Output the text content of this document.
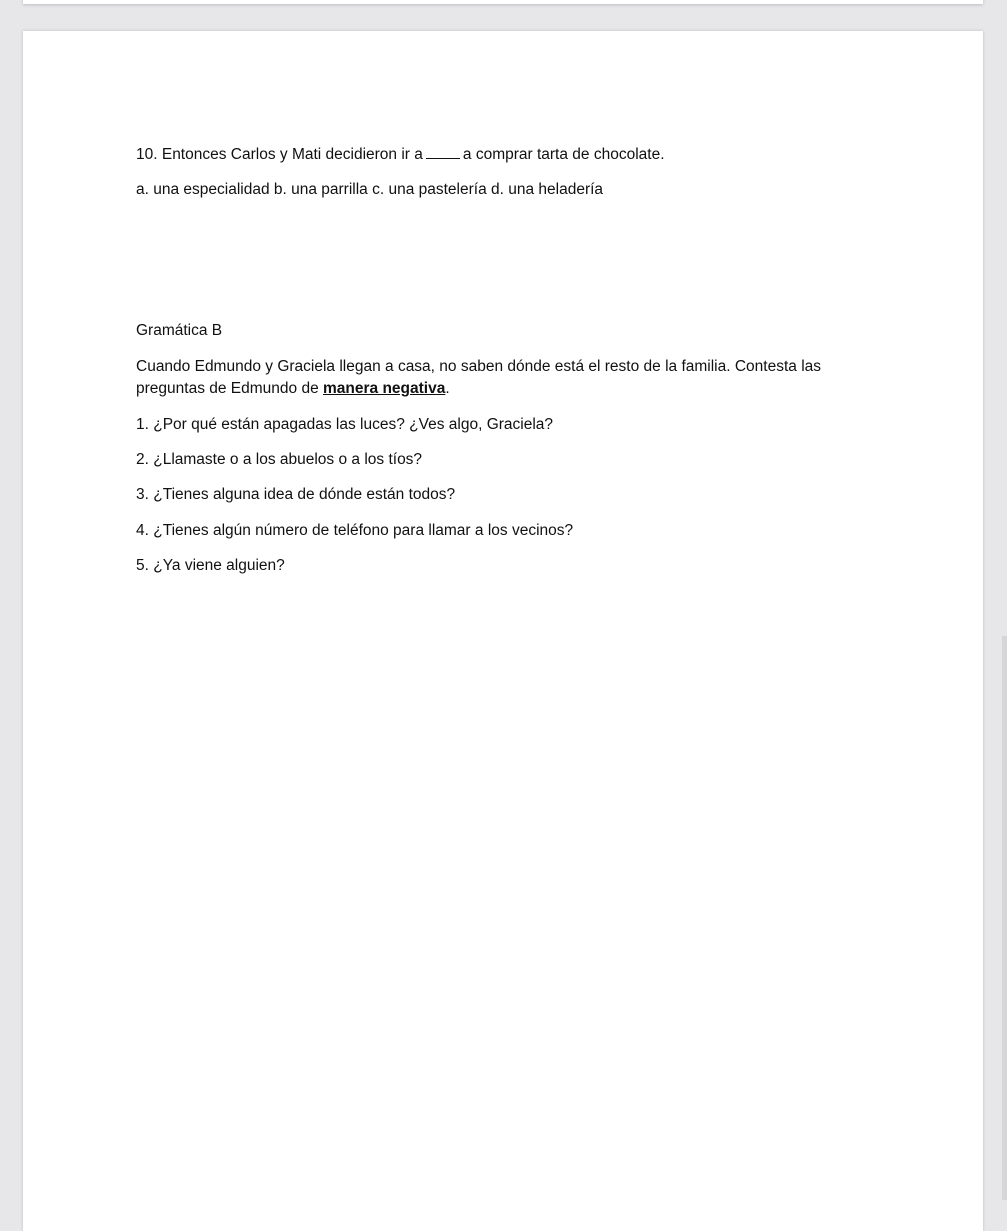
10. Entonces Carlos y Mati decidieron ir a	a comprar tarta de chocolate.
a. una especialidad b. una parrilla c. una pastelería d. una heladería
Gramática B
Cuando Edmundo y Graciela llegan a casa, no saben dónde está el resto de la familia. Contesta las preguntas de Edmundo de manera negativa.
1. ¿Por qué están apagadas las luces? ¿Ves algo, Graciela?
2. ¿Llamaste o a los abuelos o a los tíos?
3. ¿Tienes alguna idea de dónde están todos?
4. ¿Tienes algún número de teléfono para llamar a los vecinos?
5. ¿Ya viene alguien?
